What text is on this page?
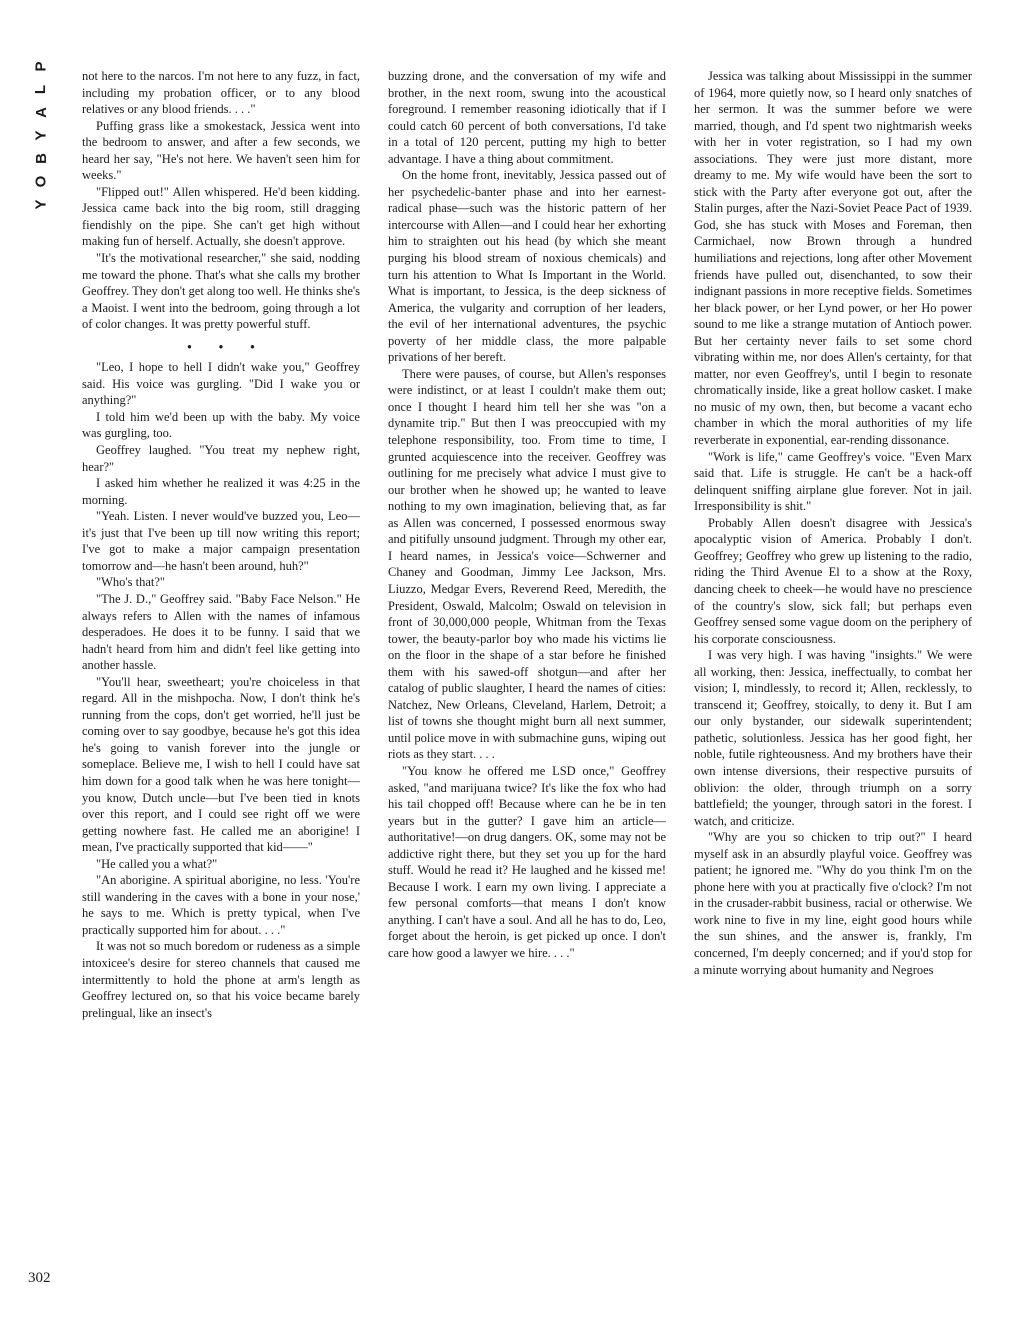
P
L
A
Y
B
O
Y
302

not here to the narcos. I'm not here to any fuzz, in fact, including my probation officer, or to any blood relatives or any blood friends. . . ."

Puffing grass like a smokestack, Jessica went into the bedroom to answer, and after a few seconds, we heard her say, "He's not here. We haven't seen him for weeks."

"Flipped out!" Allen whispered. He'd been kidding. Jessica came back into the big room, still dragging fiendishly on the pipe. She can't get high without making fun of herself. Actually, she doesn't approve.

"It's the motivational researcher," she said, nodding me toward the phone. That's what she calls my brother Geoffrey. They don't get along too well. He thinks she's a Maoist. I went into the bedroom, going through a lot of color changes. It was pretty powerful stuff.

• • •

"Leo, I hope to hell I didn't wake you," Geoffrey said. His voice was gurgling. "Did I wake you or anything?"

I told him we'd been up with the baby. My voice was gurgling, too.

Geoffrey laughed. "You treat my nephew right, hear?"

I asked him whether he realized it was 4:25 in the morning.

"Yeah. Listen. I never would've buzzed you, Leo—it's just that I've been up till now writing this report; I've got to make a major campaign presentation tomorrow and—he hasn't been around, huh?"

"Who's that?"

"The J. D.," Geoffrey said. "Baby Face Nelson." He always refers to Allen with the names of infamous desperadoes. He does it to be funny. I said that we hadn't heard from him and didn't feel like getting into another hassle.

"You'll hear, sweetheart; you're choiceless in that regard. All in the mishpocha. Now, I don't think he's running from the cops, don't get worried, he'll just be coming over to say goodbye, because he's got this idea he's going to vanish forever into the jungle or someplace. Believe me, I wish to hell I could have sat him down for a good talk when he was here tonight—you know, Dutch uncle—but I've been tied in knots over this report, and I could see right off we were getting nowhere fast. He called me an aborigine! I mean, I've practically supported that kid——"

"He called you a what?"

"An aborigine. A spiritual aborigine, no less. 'You're still wandering in the caves with a bone in your nose,' he says to me. Which is pretty typical, when I've practically supported him for about. . . ."

It was not so much boredom or rudeness as a simple intoxicee's desire for stereo channels that caused me intermittently to hold the phone at arm's length as Geoffrey lectured on, so that his voice became barely prelingual, like an insect's

buzzing drone, and the conversation of my wife and brother, in the next room, swung into the acoustical foreground. I remember reasoning idiotically that if I could catch 60 percent of both conversations, I'd take in a total of 120 percent, putting my high to better advantage. I have a thing about commitment.

On the home front, inevitably, Jessica passed out of her psychedelic-banter phase and into her earnest-radical phase—such was the historic pattern of her intercourse with Allen—and I could hear her exhorting him to straighten out his head (by which she meant purging his blood stream of noxious chemicals) and turn his attention to What Is Important in the World. What is important, to Jessica, is the deep sickness of America, the vulgarity and corruption of her leaders, the evil of her international adventures, the psychic poverty of her middle class, the more palpable privations of her bereft.

There were pauses, of course, but Allen's responses were indistinct, or at least I couldn't make them out; once I thought I heard him tell her she was "on a dynamite trip." But then I was preoccupied with my telephone responsibility, too. From time to time, I grunted acquiescence into the receiver. Geoffrey was outlining for me precisely what advice I must give to our brother when he showed up; he wanted to leave nothing to my own imagination, believing that, as far as Allen was concerned, I possessed enormous sway and pitifully unsound judgment. Through my other ear, I heard names, in Jessica's voice—Schwerner and Chaney and Goodman, Jimmy Lee Jackson, Mrs. Liuzzo, Medgar Evers, Reverend Reed, Meredith, the President, Oswald, Malcolm; Oswald on television in front of 30,000,000 people, Whitman from the Texas tower, the beauty-parlor boy who made his victims lie on the floor in the shape of a star before he finished them with his sawed-off shotgun—and after her catalog of public slaughter, I heard the names of cities: Natchez, New Orleans, Cleveland, Harlem, Detroit; a list of towns she thought might burn all next summer, until police move in with submachine guns, wiping out riots as they start. . . .

"You know he offered me LSD once," Geoffrey asked, "and marijuana twice? It's like the fox who had his tail chopped off! Because where can he be in ten years but in the gutter? I gave him an article—authoritative!—on drug dangers. OK, some may not be addictive right there, but they set you up for the hard stuff. Would he read it? He laughed and he kissed me! Because I work. I earn my own living. I appreciate a few personal comforts—that means I don't know anything. I can't have a soul. And all he has to do, Leo, forget about the heroin, is get picked up once. I don't care how good a lawyer we hire. . . ."

Jessica was talking about Mississippi in the summer of 1964, more quietly now, so I heard only snatches of her sermon. It was the summer before we were married, though, and I'd spent two nightmarish weeks with her in voter registration, so I had my own associations. They were just more distant, more dreamy to me. My wife would have been the sort to stick with the Party after everyone got out, after the Stalin purges, after the Nazi-Soviet Peace Pact of 1939. God, she has stuck with Moses and Foreman, then Carmichael, now Brown through a hundred humiliations and rejections, long after other Movement friends have pulled out, disenchanted, to sow their indignant passions in more receptive fields. Sometimes her black power, or her Lynd power, or her Ho power sound to me like a strange mutation of Antioch power. But her certainty never fails to set some chord vibrating within me, nor does Allen's certainty, for that matter, nor even Geoffrey's, until I begin to resonate chromatically inside, like a great hollow casket. I make no music of my own, then, but become a vacant echo chamber in which the moral authorities of my life reverberate in exponential, ear-rending dissonance.

"Work is life," came Geoffrey's voice. "Even Marx said that. Life is struggle. He can't be a hack-off delinquent sniffing airplane glue forever. Not in jail. Irresponsibility is shit."

Probably Allen doesn't disagree with Jessica's apocalyptic vision of America. Probably I don't. Geoffrey; Geoffrey who grew up listening to the radio, riding the Third Avenue El to a show at the Roxy, dancing cheek to cheek—he would have no prescience of the country's slow, sick fall; but perhaps even Geoffrey sensed some vague doom on the periphery of his corporate consciousness.

I was very high. I was having "insights." We were all working, then: Jessica, ineffectually, to combat her vision; I, mindlessly, to record it; Allen, recklessly, to transcend it; Geoffrey, stoically, to deny it. But I am our only bystander, our sidewalk superintendent; pathetic, solutionless. Jessica has her good fight, her noble, futile righteousness. And my brothers have their own intense diversions, their respective pursuits of oblivion: the older, through triumph on a sorry battlefield; the younger, through satori in the forest. I watch, and criticize.

"Why are you so chicken to trip out?" I heard myself ask in an absurdly playful voice. Geoffrey was patient; he ignored me. "Why do you think I'm on the phone here with you at practically five o'clock? I'm not in the crusader-rabbit business, racial or otherwise. We work nine to five in my line, eight good hours while the sun shines, and the answer is, frankly, I'm concerned, I'm deeply concerned; and if you'd stop for a minute worrying about humanity and Negroes
